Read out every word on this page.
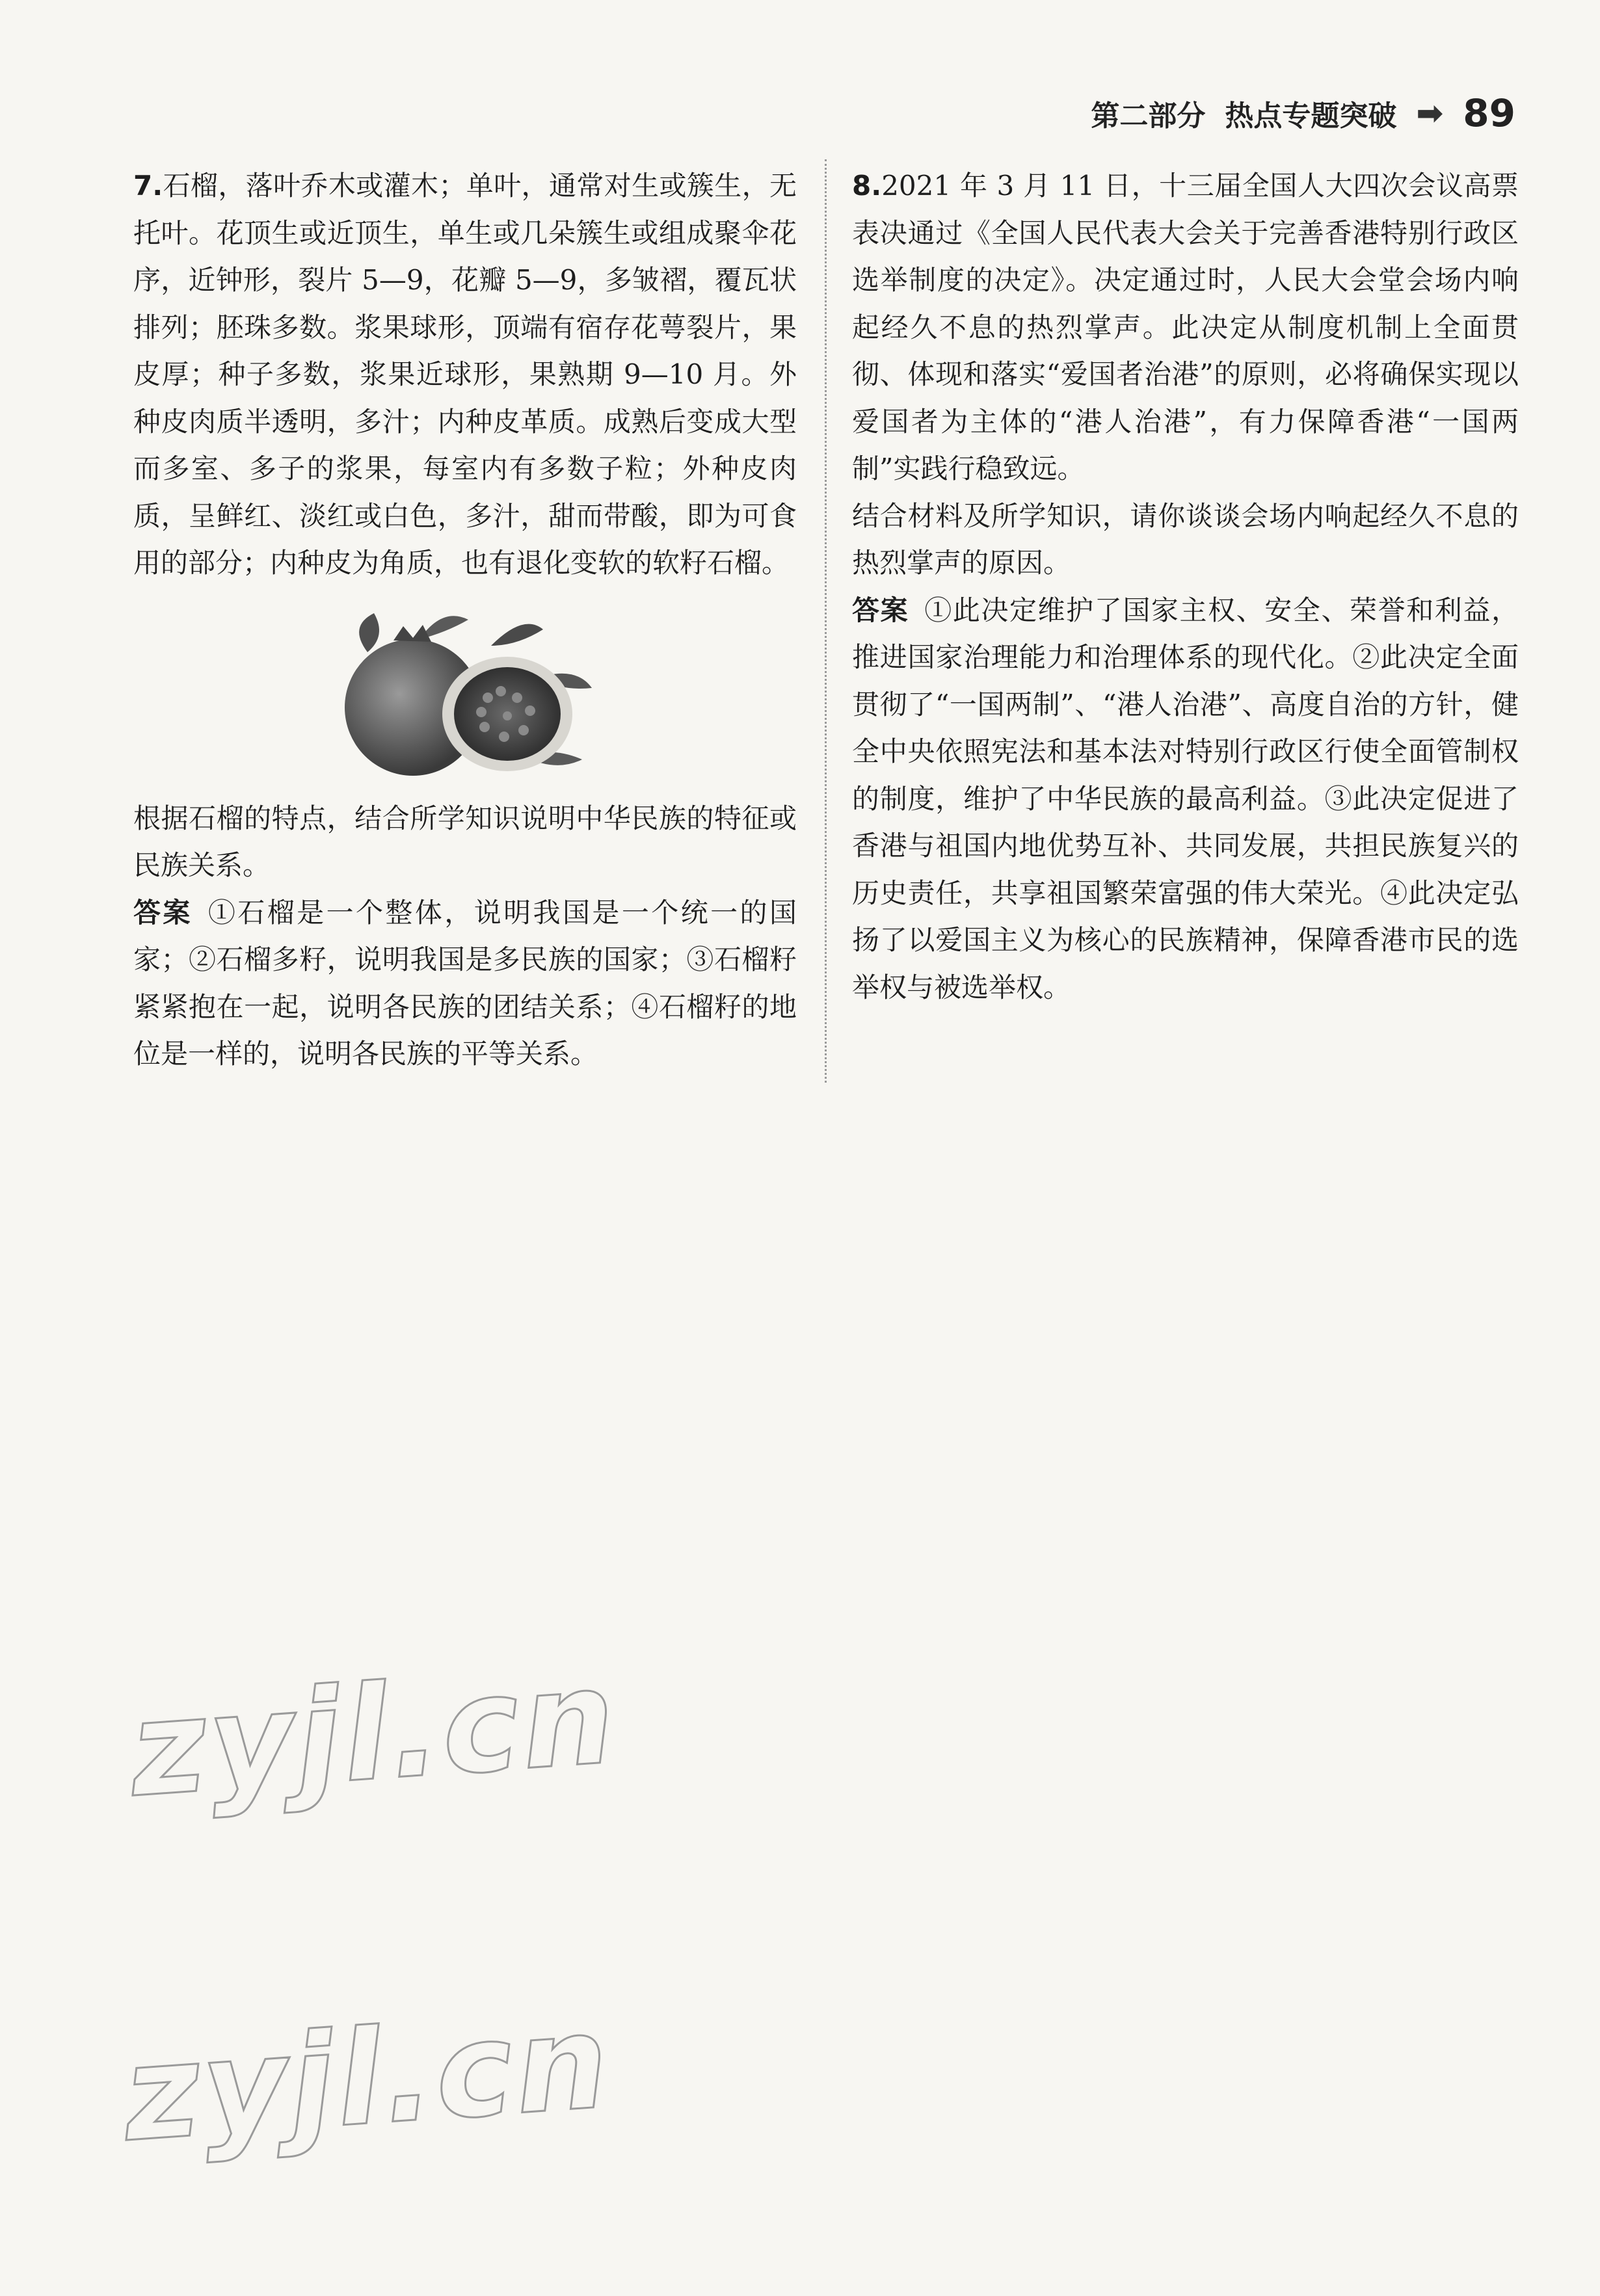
第二部分 热点专题突破 ➡ 89

7.石榴，落叶乔木或灌木；单叶，通常对生或簇生，无托叶。花顶生或近顶生，单生或几朵簇生或组成聚伞花序，近钟形，裂片 5—9，花瓣 5—9，多皱褶，覆瓦状排列；胚珠多数。浆果球形，顶端有宿存花萼裂片，果皮厚；种子多数，浆果近球形，果熟期 9—10 月。外种皮肉质半透明，多汁；内种皮革质。成熟后变成大型而多室、多子的浆果，每室内有多数子粒；外种皮肉质，呈鲜红、淡红或白色，多汁，甜而带酸，即为可食用的部分；内种皮为角质，也有退化变软的软籽石榴。

根据石榴的特点，结合所学知识说明中华民族的特征或民族关系。

答案 ①石榴是一个整体，说明我国是一个统一的国家；②石榴多籽，说明我国是多民族的国家；③石榴籽紧紧抱在一起，说明各民族的团结关系；④石榴籽的地位是一样的，说明各民族的平等关系。

8.2021 年 3 月 11 日，十三届全国人大四次会议高票表决通过《全国人民代表大会关于完善香港特别行政区选举制度的决定》。决定通过时，人民大会堂会场内响起经久不息的热烈掌声。此决定从制度机制上全面贯彻、体现和落实“爱国者治港”的原则，必将确保实现以爱国者为主体的“港人治港”，有力保障香港“一国两制”实践行稳致远。

结合材料及所学知识，请你谈谈会场内响起经久不息的热烈掌声的原因。

答案 ①此决定维护了国家主权、安全、荣誉和利益，推进国家治理能力和治理体系的现代化。②此决定全面贯彻了“一国两制”、“港人治港”、高度自治的方针，健全中央依照宪法和基本法对特别行政区行使全面管制权的制度，维护了中华民族的最高利益。③此决定促进了香港与祖国内地优势互补、共同发展，共担民族复兴的历史责任，共享祖国繁荣富强的伟大荣光。④此决定弘扬了以爱国主义为核心的民族精神，保障香港市民的选举权与被选举权。

zyjl.cn
zyjl.cn
